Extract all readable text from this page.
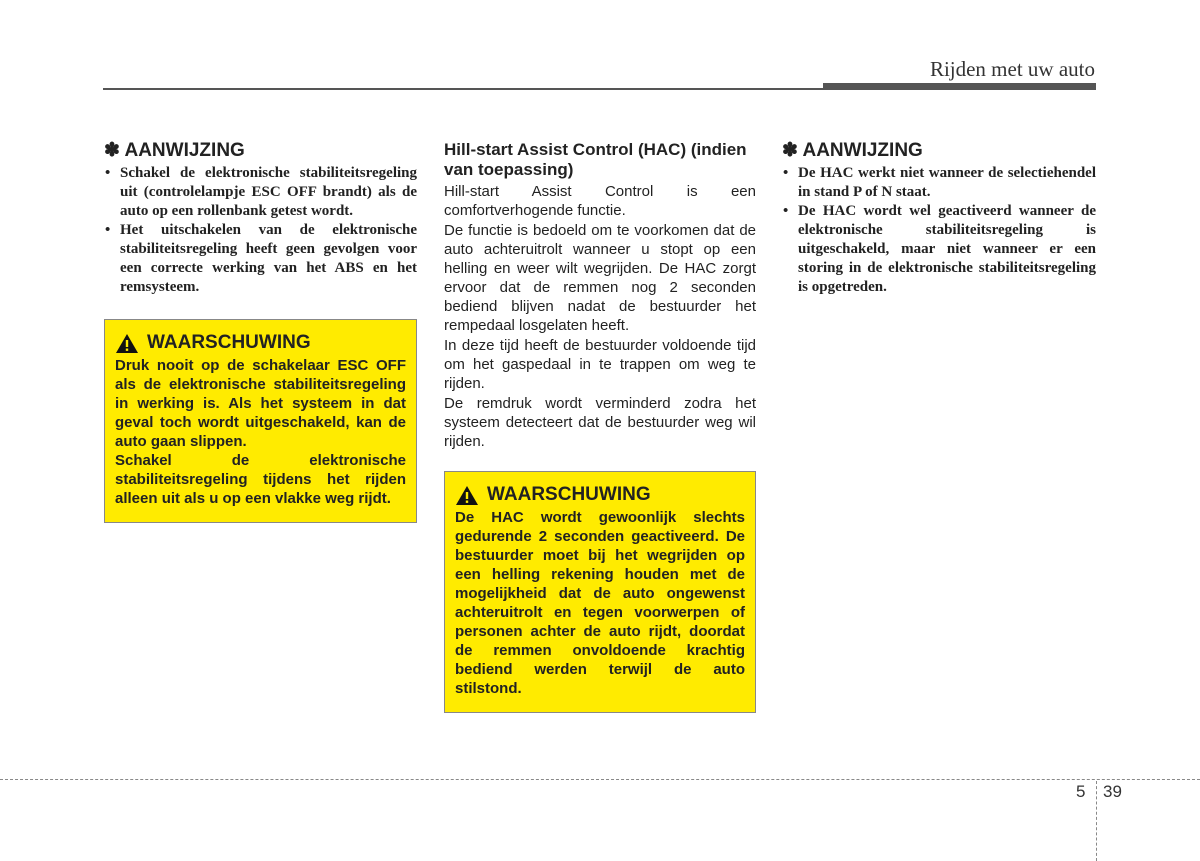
Rijden met uw auto
✽ AANWIJZING
• Schakel de elektronische stabiliteitsregeling uit (controlelampje ESC OFF brandt) als de auto op een rollenbank getest wordt.
• Het uitschakelen van de elektronische stabiliteitsregeling heeft geen gevolgen voor een correcte werking van het ABS en het remsysteem.
WAARSCHUWING

Druk nooit op de schakelaar ESC OFF als de elektronische stabiliteitsregeling in werking is. Als het systeem in dat geval toch wordt uitgeschakeld, kan de auto gaan slippen.

Schakel de elektronische stabiliteitsregeling tijdens het rijden alleen uit als u op een vlakke weg rijdt.

Hill-start Assist Control (HAC) (indien van toepassing)

Hill-start Assist Control is een comfortverhogende functie.

De functie is bedoeld om te voorkomen dat de auto achteruitrolt wanneer u stopt op een helling en weer wilt wegrijden. De HAC zorgt ervoor dat de remmen nog 2 seconden bediend blijven nadat de bestuurder het rempedaal losgelaten heeft.

In deze tijd heeft de bestuurder voldoende tijd om het gaspedaal in te trappen om weg te rijden.

De remdruk wordt verminderd zodra het systeem detecteert dat de bestuurder weg wil rijden.

WAARSCHUWING

De HAC wordt gewoonlijk slechts gedurende 2 seconden geactiveerd. De bestuurder moet bij het wegrijden op een helling rekening houden met de mogelijkheid dat de auto ongewenst achteruitrolt en tegen voorwerpen of personen achter de auto rijdt, doordat de remmen onvoldoende krachtig bediend werden terwijl de auto stilstond.

✽ AANWIJZING
• De HAC werkt niet wanneer de selectiehendel in stand P of N staat.
• De HAC wordt wel geactiveerd wanneer de elektronische stabiliteitsregeling is uitgeschakeld, maar niet wanneer er een storing in de elektronische stabiliteitsregeling is opgetreden.
5 39
